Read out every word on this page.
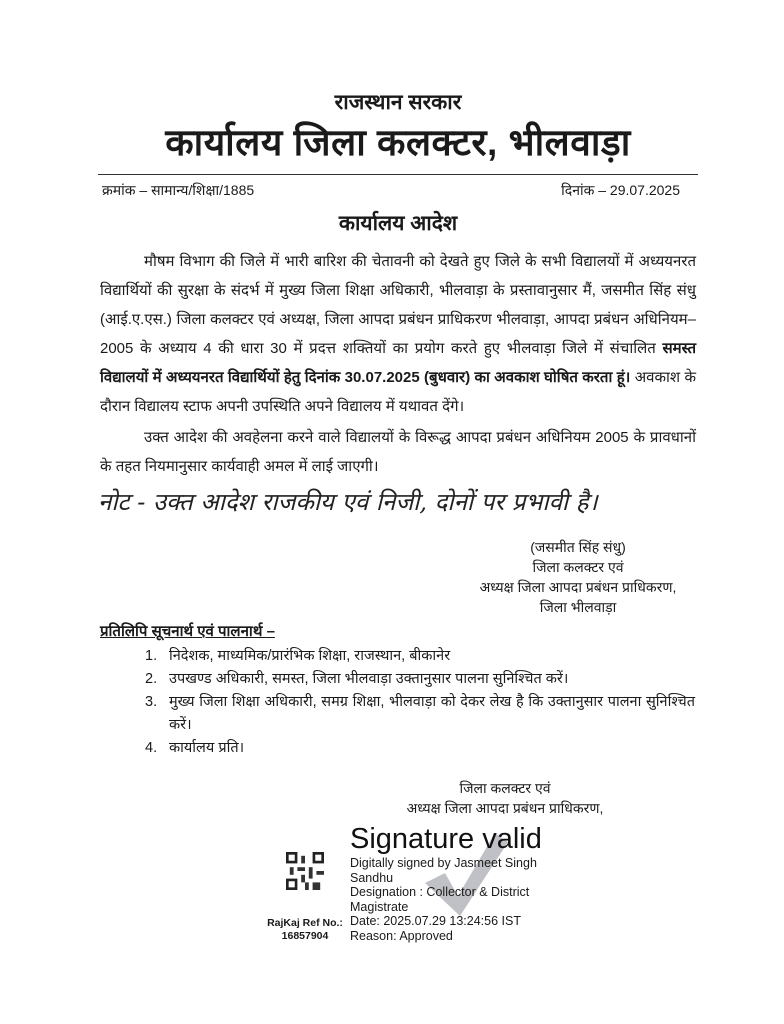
राजस्थान सरकार
कार्यालय जिला कलक्टर, भीलवाड़ा
क्रमांक – सामान्य/शिक्षा/1885	दिनांक – 29.07.2025
कार्यालय आदेश
मौषम विभाग की जिले में भारी बारिश की चेतावनी को देखते हुए जिले के सभी विद्यालयों में अध्ययनरत विद्यार्थियों की सुरक्षा के संदर्भ में मुख्य जिला शिक्षा अधिकारी, भीलवाड़ा के प्रस्तावानुसार मैं, जसमीत सिंह संधु (आई.ए.एस.) जिला कलक्टर एवं अध्यक्ष, जिला आपदा प्रबंधन प्राधिकरण भीलवाड़ा, आपदा प्रबंधन अधिनियम–2005 के अध्याय 4 की धारा 30 में प्रदत्त शक्तियों का प्रयोग करते हुए भीलवाड़ा जिले में संचालित समस्त विद्यालयों में अध्ययनरत विद्यार्थियों हेतु दिनांक 30.07.2025 (बुधवार) का अवकाश घोषित करता हूं। अवकाश के दौरान विद्यालय स्टाफ अपनी उपस्थिति अपने विद्यालय में यथावत देंगे।
उक्त आदेश की अवहेलना करने वाले विद्यालयों के विरूद्ध आपदा प्रबंधन अधिनियम 2005 के प्रावधानों के तहत नियमानुसार कार्यवाही अमल में लाई जाएगी।
नोट - उक्त आदेश राजकीय एवं निजी, दोनों पर प्रभावी है।
(जसमीत सिंह संधु)
जिला कलक्टर एवं
अध्यक्ष जिला आपदा प्रबंधन प्राधिकरण,
जिला भीलवाड़ा
प्रतिलिपि सूचनार्थ एवं पालनार्थ –
1. निदेशक, माध्यमिक/प्रारंभिक शिक्षा, राजस्थान, बीकानेर
2. उपखण्ड अधिकारी, समस्त, जिला भीलवाड़ा उक्तानुसार पालना सुनिश्चित करें।
3. मुख्य जिला शिक्षा अधिकारी, समग्र शिक्षा, भीलवाड़ा को देकर लेख है कि उक्तानुसार पालना सुनिश्चित करें।
4. कार्यालय प्रति।
RajKaj Ref No.:
16857904
जिला कलक्टर एवं
अध्यक्ष जिला आपदा प्रबंधन प्राधिकरण,
Signature valid
Digitally signed by Jasmeet Singh Sandhu
Designation : Collector & District Magistrate
Date: 2025.07.29 13:24:56 IST
Reason: Approved
